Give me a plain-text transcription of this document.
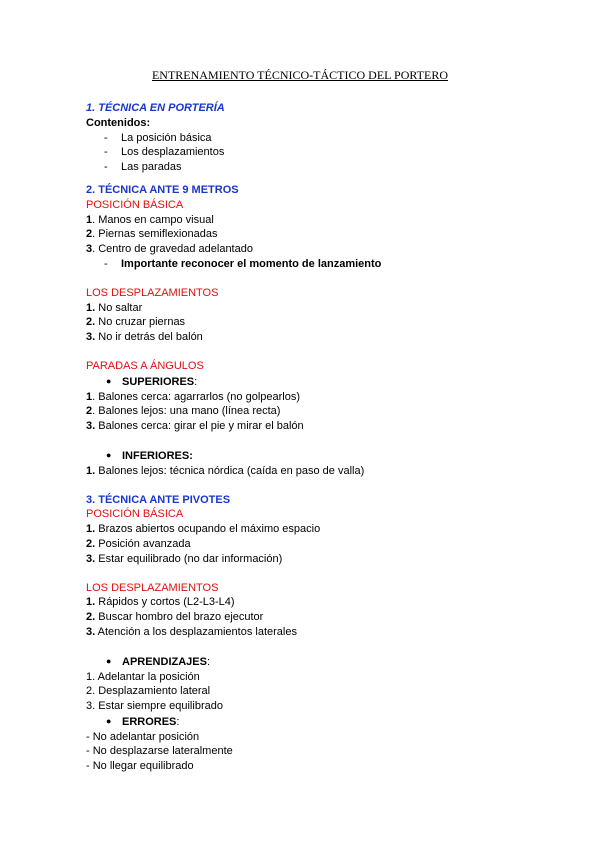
ENTRENAMIENTO TÉCNICO-TÁCTICO DEL PORTERO
1. TÉCNICA EN PORTERÍA
Contenidos:
- La posición básica
- Los desplazamientos
- Las paradas
2. TÉCNICA ANTE 9 METROS
POSICIÓN BÁSICA
1. Manos en campo visual
2. Piernas semiflexionadas
3. Centro de gravedad adelantado
- Importante reconocer el momento de lanzamiento
LOS DESPLAZAMIENTOS
1. No saltar
2. No cruzar piernas
3. No ir detrás del balón
PARADAS A ÁNGULOS
● SUPERIORES:
1. Balones cerca: agarrarlos (no golpearlos)
2. Balones lejos: una mano (línea recta)
3. Balones cerca: girar el pie y mirar el balón
● INFERIORES:
1. Balones lejos: técnica nórdica (caída en paso de valla)
3. TÉCNICA ANTE PIVOTES
POSICIÓN BÁSICA
1. Brazos abiertos ocupando el máximo espacio
2. Posición avanzada
3. Estar equilibrado (no dar información)
LOS DESPLAZAMIENTOS
1. Rápidos y cortos (L2-L3-L4)
2. Buscar hombro del brazo ejecutor
3. Atención a los desplazamientos laterales
● APRENDIZAJES:
1. Adelantar la posición
2. Desplazamiento lateral
3. Estar siempre equilibrado
● ERRORES:
- No adelantar posición
- No desplazarse lateralmente
- No llegar equilibrado
